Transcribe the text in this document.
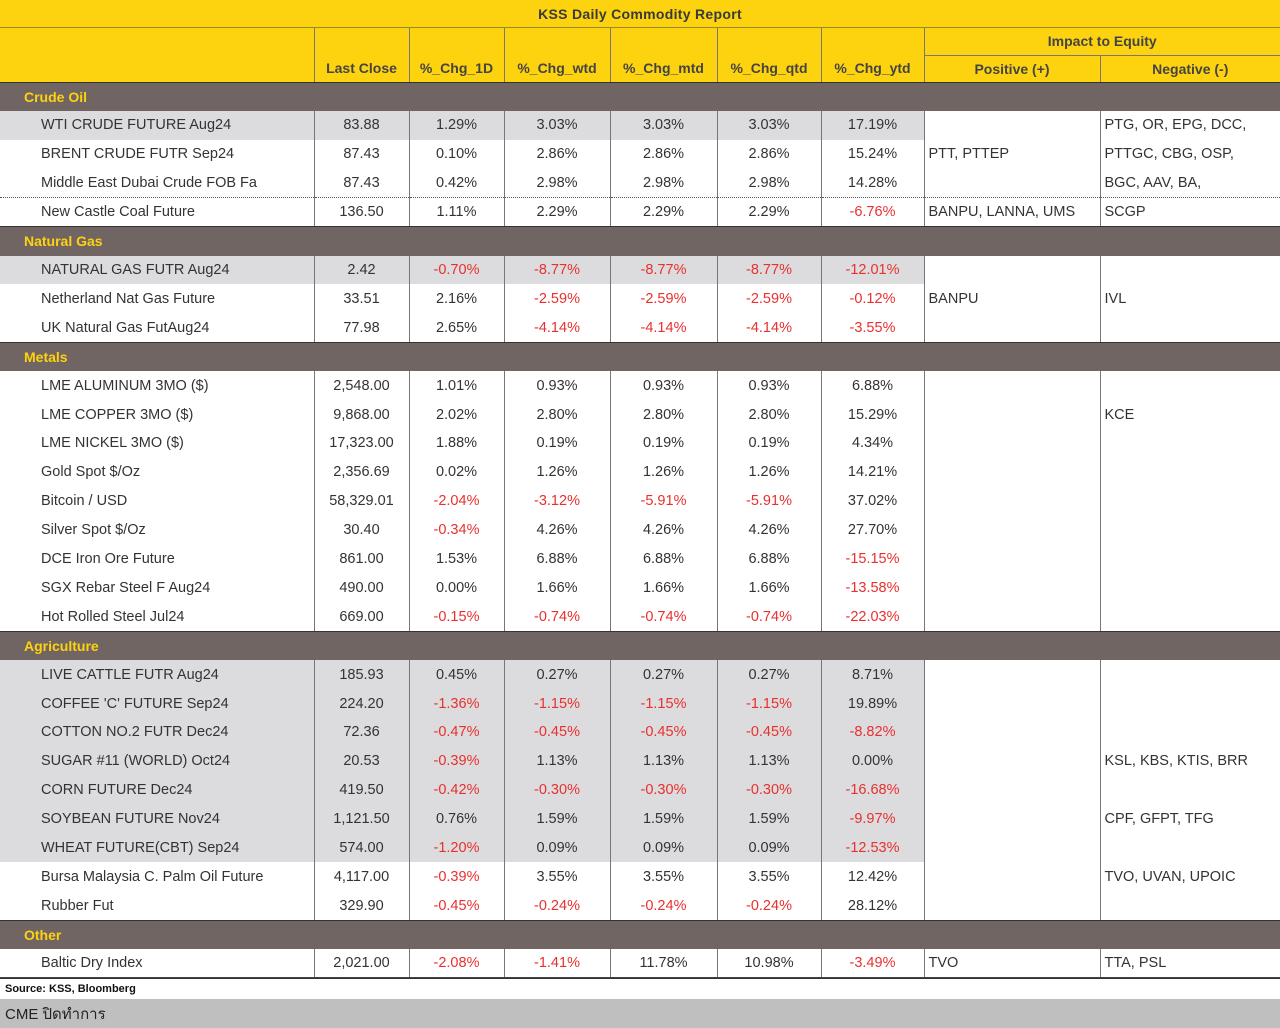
KSS Daily Commodity Report
							Impact to Equity	
	Last Close	%_Chg_1D	%_Chg_wtd	%_Chg_mtd	%_Chg_qtd	%_Chg_ytd	Positive (+)	Negative (-)
Crude Oil								
WTI CRUDE FUTURE Aug24	83.88	1.29%	3.03%	3.03%	3.03%	17.19%		PTG, OR, EPG, DCC,
BRENT CRUDE FUTR Sep24	87.43	0.10%	2.86%	2.86%	2.86%	15.24%	PTT, PTTEP	PTTGC, CBG, OSP,
Middle East Dubai Crude FOB Fa	87.43	0.42%	2.98%	2.98%	2.98%	14.28%		BGC, AAV, BA,
New Castle Coal Future	136.50	1.11%	2.29%	2.29%	2.29%	-6.76%	BANPU, LANNA, UMS	SCGP
Natural Gas								
NATURAL GAS FUTR Aug24	2.42	-0.70%	-8.77%	-8.77%	-8.77%	-12.01%		
Netherland Nat Gas Future	33.51	2.16%	-2.59%	-2.59%	-2.59%	-0.12%	BANPU	IVL
UK Natural Gas FutAug24	77.98	2.65%	-4.14%	-4.14%	-4.14%	-3.55%		
Metals								
LME ALUMINUM 3MO ($)	2,548.00	1.01%	0.93%	0.93%	0.93%	6.88%		
LME COPPER 3MO ($)	9,868.00	2.02%	2.80%	2.80%	2.80%	15.29%		KCE
LME NICKEL 3MO ($)	17,323.00	1.88%	0.19%	0.19%	0.19%	4.34%		
Gold Spot $/Oz	2,356.69	0.02%	1.26%	1.26%	1.26%	14.21%		
Bitcoin / USD	58,329.01	-2.04%	-3.12%	-5.91%	-5.91%	37.02%		
Silver Spot $/Oz	30.40	-0.34%	4.26%	4.26%	4.26%	27.70%		
DCE Iron Ore Future	861.00	1.53%	6.88%	6.88%	6.88%	-15.15%		
SGX Rebar Steel F Aug24	490.00	0.00%	1.66%	1.66%	1.66%	-13.58%		
Hot Rolled Steel Jul24	669.00	-0.15%	-0.74%	-0.74%	-0.74%	-22.03%		
Agriculture								
LIVE CATTLE FUTR Aug24	185.93	0.45%	0.27%	0.27%	0.27%	8.71%		
COFFEE 'C' FUTURE Sep24	224.20	-1.36%	-1.15%	-1.15%	-1.15%	19.89%		
COTTON NO.2 FUTR Dec24	72.36	-0.47%	-0.45%	-0.45%	-0.45%	-8.82%		
SUGAR #11 (WORLD) Oct24	20.53	-0.39%	1.13%	1.13%	1.13%	0.00%		KSL, KBS, KTIS, BRR
CORN FUTURE Dec24	419.50	-0.42%	-0.30%	-0.30%	-0.30%	-16.68%		
SOYBEAN FUTURE Nov24	1,121.50	0.76%	1.59%	1.59%	1.59%	-9.97%		CPF, GFPT, TFG
WHEAT FUTURE(CBT) Sep24	574.00	-1.20%	0.09%	0.09%	0.09%	-12.53%		
Bursa Malaysia C. Palm Oil Future	4,117.00	-0.39%	3.55%	3.55%	3.55%	12.42%		TVO, UVAN, UPOIC
Rubber Fut	329.90	-0.45%	-0.24%	-0.24%	-0.24%	28.12%		
Other								
Baltic Dry Index	2,021.00	-2.08%	-1.41%	11.78%	10.98%	-3.49%	TVO	TTA, PSL
Source: KSS, Bloomberg
CME ปิดทำการ
